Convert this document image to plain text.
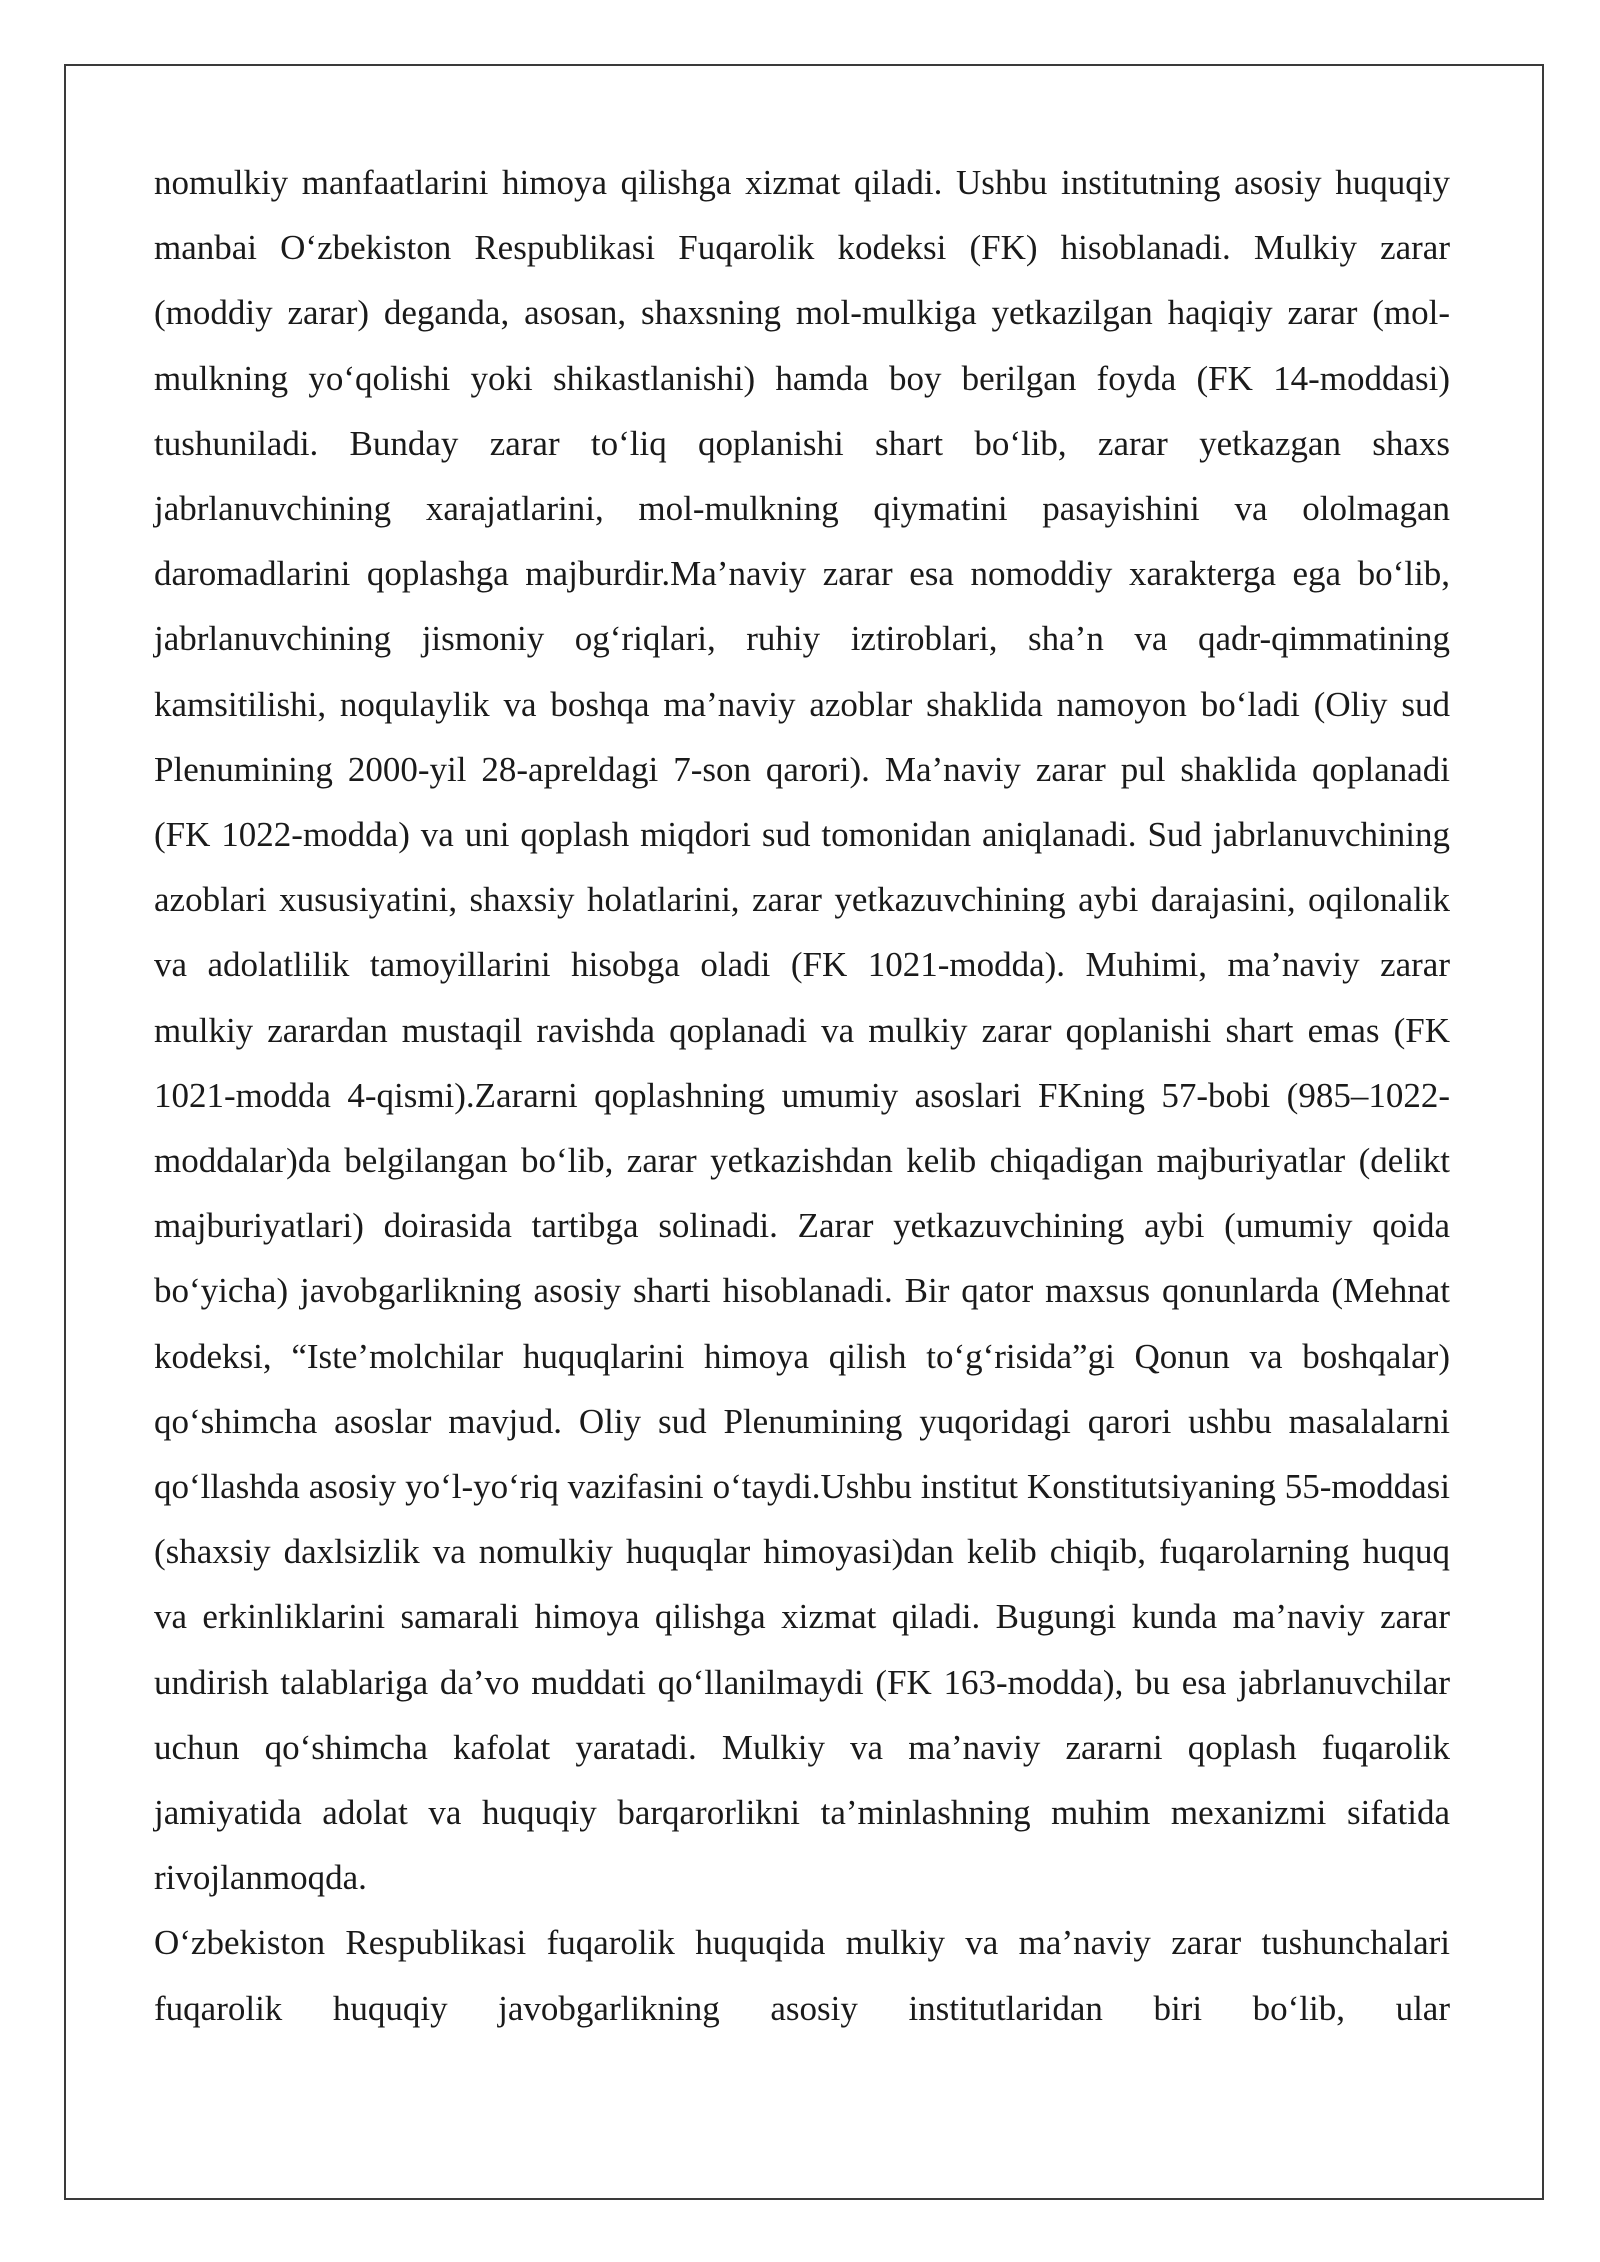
nomulkiy manfaatlarini himoya qilishga xizmat qiladi. Ushbu institutning asosiy huquqiy manbai O‘zbekiston Respublikasi Fuqarolik kodeksi (FK) hisoblanadi. Mulkiy zarar (moddiy zarar) deganda, asosan, shaxsning mol-mulkiga yetkazilgan haqiqiy zarar (mol-mulkning yo‘qolishi yoki shikastlanishi) hamda boy berilgan foyda (FK 14-moddasi) tushuniladi. Bunday zarar to‘liq qoplanishi shart bo‘lib, zarar yetkazgan shaxs jabrlanuvchining xarajatlarini, mol-mulkning qiymatini pasayishini va ololmagan daromadlarini qoplashga majburdir.Ma’naviy zarar esa nomoddiy xarakterga ega bo‘lib, jabrlanuvchining jismoniy og‘riqlari, ruhiy iztiroblari, sha’n va qadr-qimmatining kamsitilishi, noqulaylik va boshqa ma’naviy azoblar shaklida namoyon bo‘ladi (Oliy sud Plenumining 2000-yil 28-apreldagi 7-son qarori). Ma’naviy zarar pul shaklida qoplanadi (FK 1022-modda) va uni qoplash miqdori sud tomonidan aniqlanadi. Sud jabrlanuvchining azoblari xususiyatini, shaxsiy holatlarini, zarar yetkazuvchining aybi darajasini, oqilonalik va adolatlilik tamoyillarini hisobga oladi (FK 1021-modda). Muhimi, ma’naviy zarar mulkiy zarardan mustaqil ravishda qoplanadi va mulkiy zarar qoplanishi shart emas (FK 1021-modda 4-qismi).Zararni qoplashning umumiy asoslari FKning 57-bobi (985–1022-moddalar)da belgilangan bo‘lib, zarar yetkazishdan kelib chiqadigan majburiyatlar (delikt majburiyatlari) doirasida tartibga solinadi. Zarar yetkazuvchining aybi (umumiy qoida bo‘yicha) javobgarlikning asosiy sharti hisoblanadi. Bir qator maxsus qonunlarda (Mehnat kodeksi, “Iste’molchilar huquqlarini himoya qilish to‘g‘risida”gi Qonun va boshqalar) qo‘shimcha asoslar mavjud. Oliy sud Plenumining yuqoridagi qarori ushbu masalalarni qo‘llashda asosiy yo‘l-yo‘riq vazifasini o‘taydi.Ushbu institut Konstitutsiyaning 55-moddasi (shaxsiy daxlsizlik va nomulkiy huquqlar himoyasi)dan kelib chiqib, fuqarolarning huquq va erkinliklarini samarali himoya qilishga xizmat qiladi. Bugungi kunda ma’naviy zarar undirish talablariga da’vo muddati qo‘llanilmaydi (FK 163-modda), bu esa jabrlanuvchilar uchun qo‘shimcha kafolat yaratadi. Mulkiy va ma’naviy zararni qoplash fuqarolik jamiyatida adolat va huquqiy barqarorlikni ta’minlashning muhim mexanizmi sifatida rivojlanmoqda.

O‘zbekiston Respublikasi fuqarolik huquqida mulkiy va ma’naviy zarar tushunchalari fuqarolik huquqiy javobgarlikning asosiy institutlaridan biri bo‘lib, ular
